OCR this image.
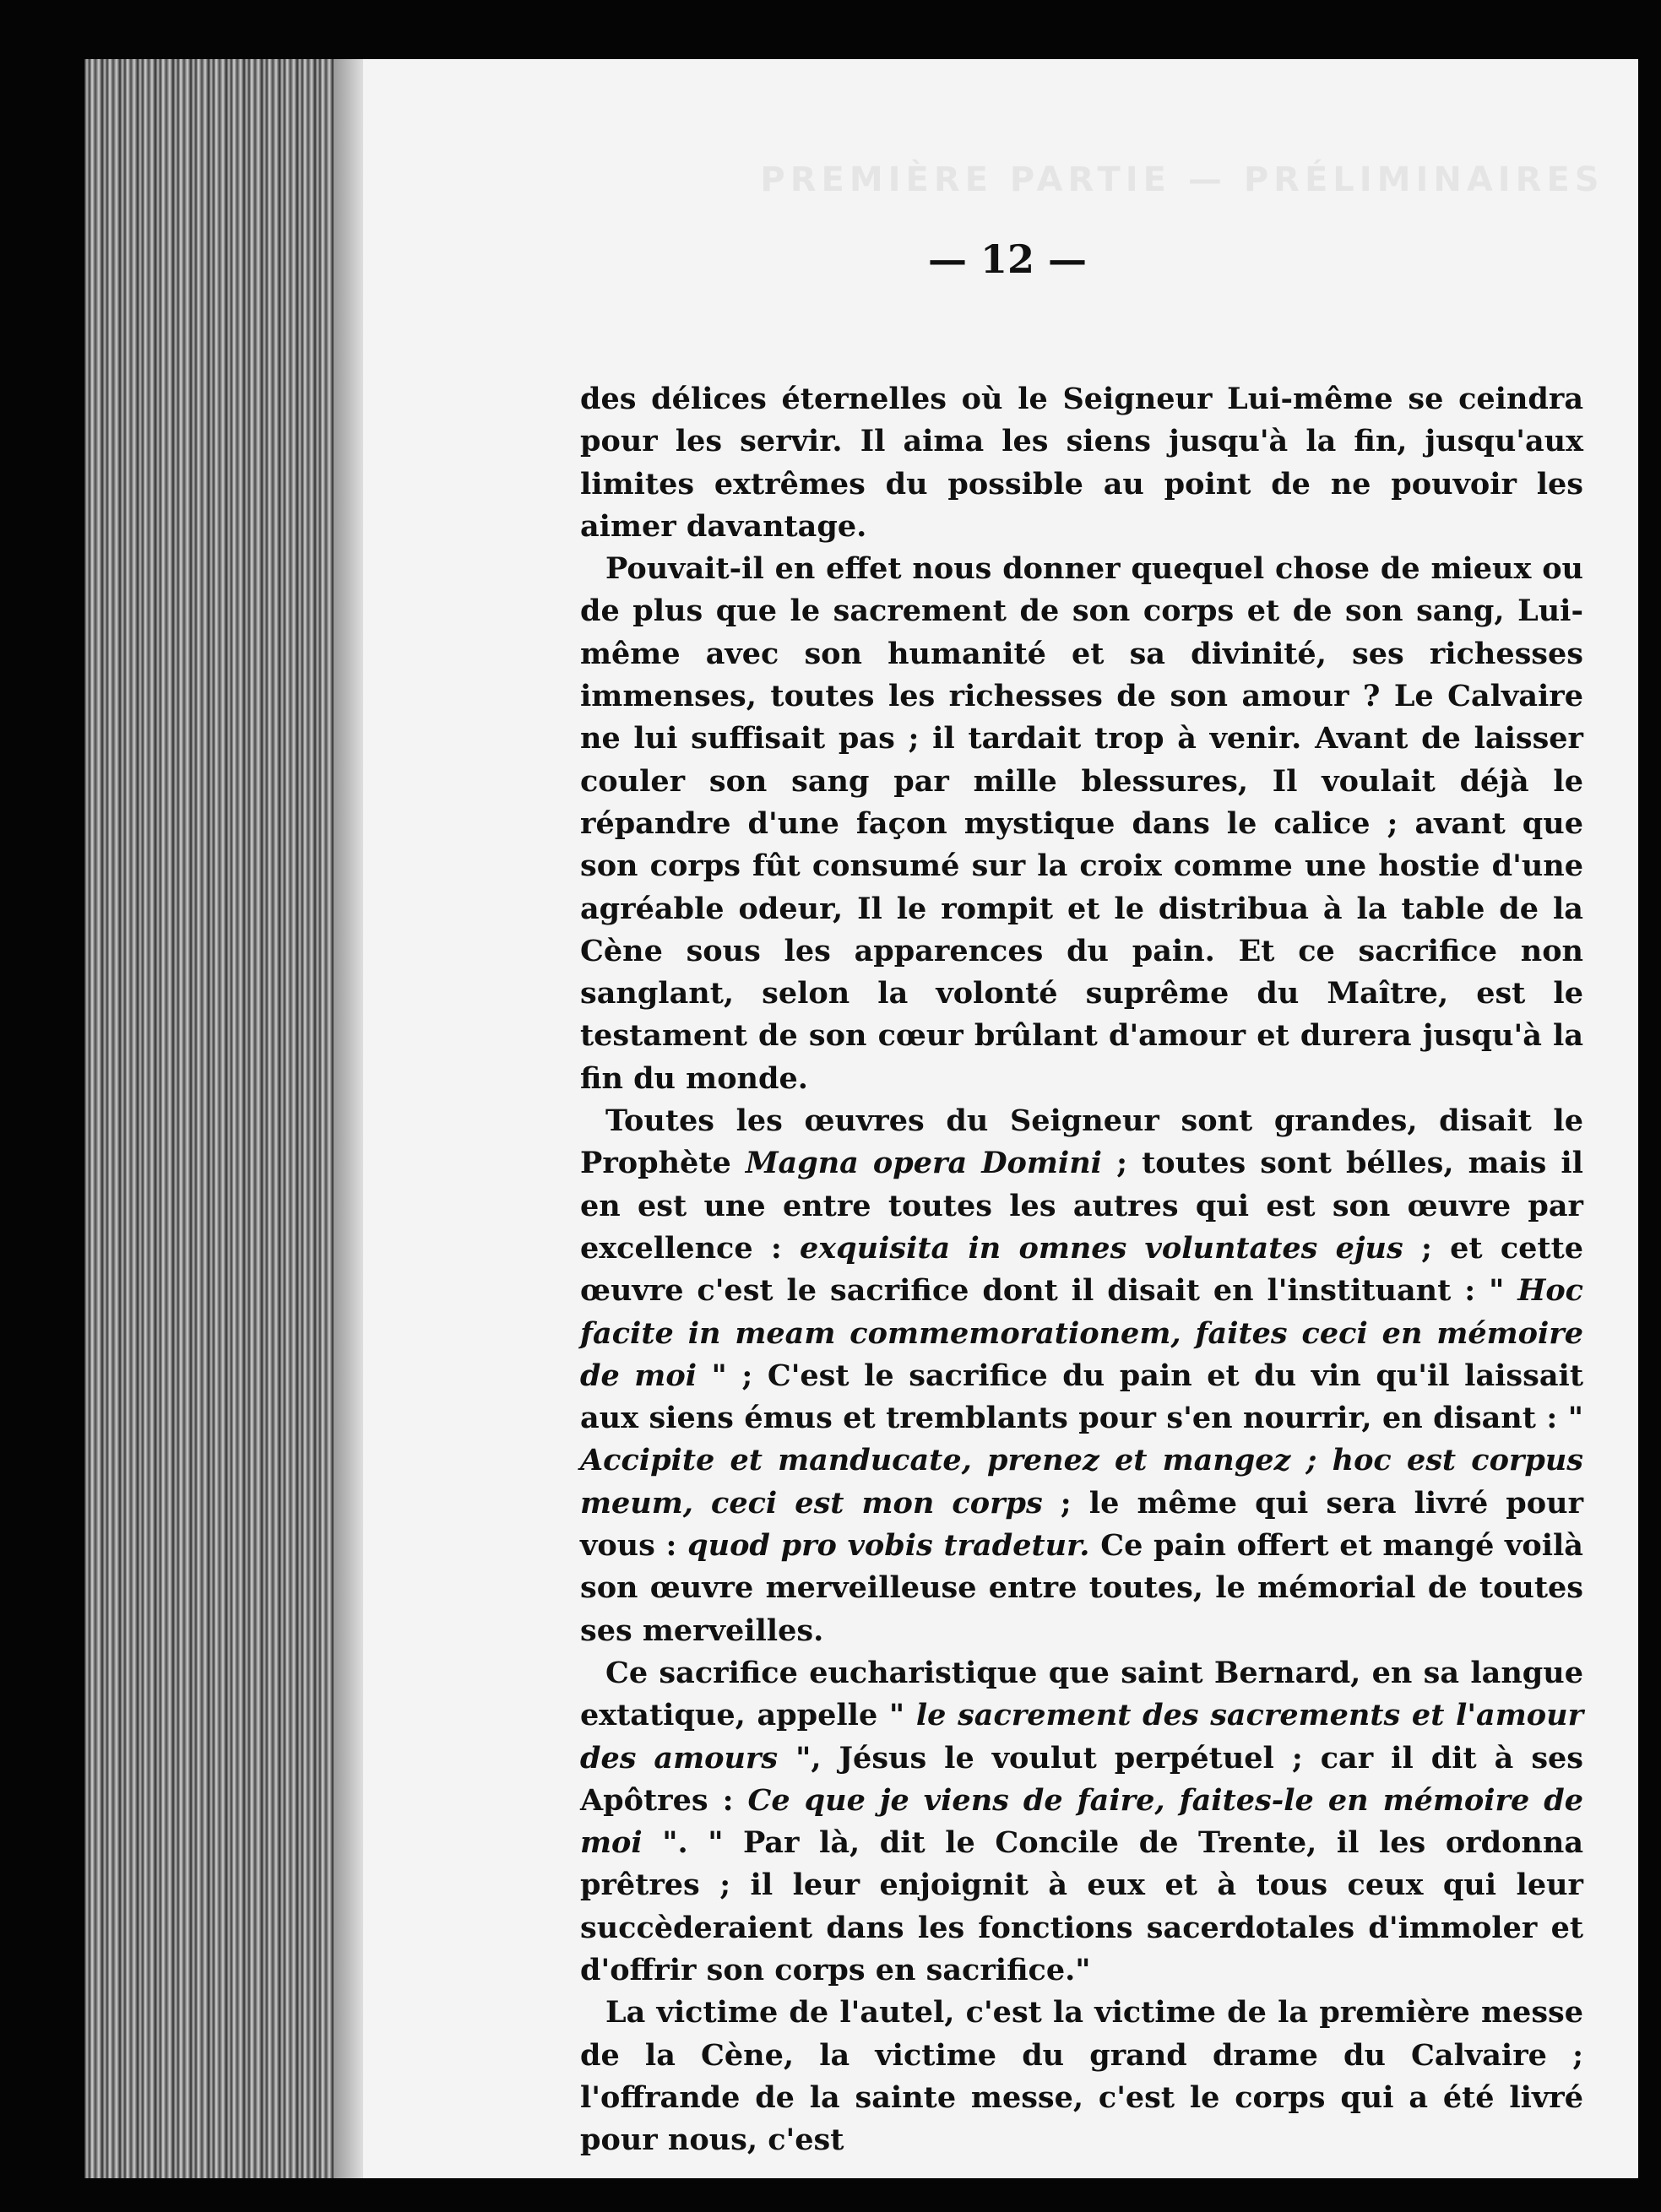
PREMIÈRE PARTIE — PRÉLIMINAIRES
— 12 —

des délices éternelles où le Seigneur Lui-même se ceindra pour les servir. Il aima les siens jusqu'à la fin, jusqu'aux limites extrêmes du possible au point de ne pouvoir les aimer davantage.

Pouvait-il en effet nous donner quequel chose de mieux ou de plus que le sacrement de son corps et de son sang, Lui-même avec son humanité et sa divinité, ses richesses immenses, toutes les richesses de son amour ? Le Calvaire ne lui suffisait pas ; il tardait trop à venir. Avant de laisser couler son sang par mille blessures, Il voulait déjà le répandre d'une façon mystique dans le calice ; avant que son corps fût consumé sur la croix comme une hostie d'une agréable odeur, Il le rompit et le distribua à la table de la Cène sous les apparences du pain. Et ce sacrifice non sanglant, selon la volonté suprême du Maître, est le testament de son cœur brûlant d'amour et durera jusqu'à la fin du monde.

Toutes les œuvres du Seigneur sont grandes, disait le Prophète Magna opera Domini ; toutes sont bélles, mais il en est une entre toutes les autres qui est son œuvre par excellence : exquisita in omnes voluntates ejus ; et cette œuvre c'est le sacrifice dont il disait en l'instituant : " Hoc facite in meam commemorationem, faites ceci en mémoire de moi " ; C'est le sacrifice du pain et du vin qu'il laissait aux siens émus et tremblants pour s'en nourrir, en disant : " Accipite et manducate, prenez et mangez ; hoc est corpus meum, ceci est mon corps ; le même qui sera livré pour vous : quod pro vobis tradetur. Ce pain offert et mangé voilà son œuvre merveilleuse entre toutes, le mémorial de toutes ses merveilles.

Ce sacrifice eucharistique que saint Bernard, en sa langue extatique, appelle " le sacrement des sacrements et l'amour des amours ", Jésus le voulut perpétuel ; car il dit à ses Apôtres : Ce que je viens de faire, faites-le en mémoire de moi ". " Par là, dit le Concile de Trente, il les ordonna prêtres ; il leur enjoignit à eux et à tous ceux qui leur succèderaient dans les fonctions sacerdotales d'immoler et d'offrir son corps en sacrifice."

La victime de l'autel, c'est la victime de la première messe de la Cène, la victime du grand drame du Calvaire ; l'offrande de la sainte messe, c'est le corps qui a été livré pour nous, c'est
